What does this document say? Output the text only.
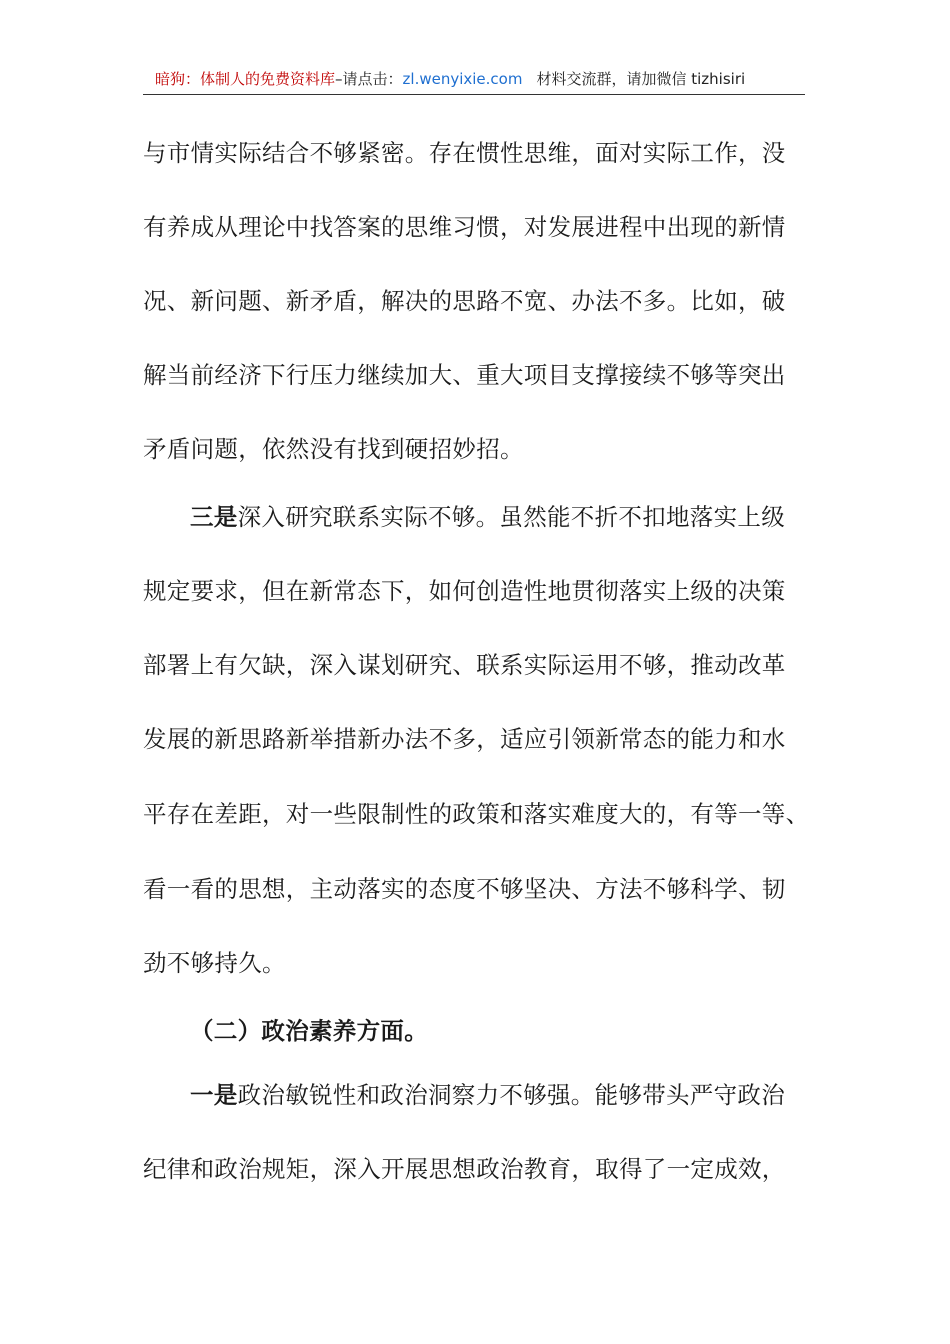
暗狗：体制人的免费资料库–请点击：zl.wenyixie.com 材料交流群，请加微信 tizhisiri
与市情实际结合不够紧密。存在惯性思维，面对实际工作，没
有养成从理论中找答案的思维习惯，对发展进程中出现的新情
况、新问题、新矛盾，解决的思路不宽、办法不多。比如，破
解当前经济下行压力继续加大、重大项目支撑接续不够等突出
矛盾问题，依然没有找到硬招妙招。
三是深入研究联系实际不够。虽然能不折不扣地落实上级
规定要求，但在新常态下，如何创造性地贯彻落实上级的决策
部署上有欠缺，深入谋划研究、联系实际运用不够，推动改革
发展的新思路新举措新办法不多，适应引领新常态的能力和水
平存在差距，对一些限制性的政策和落实难度大的，有等一等、
看一看的思想，主动落实的态度不够坚决、方法不够科学、韧
劲不够持久。
（二）政治素养方面。
一是政治敏锐性和政治洞察力不够强。能够带头严守政治
纪律和政治规矩，深入开展思想政治教育，取得了一定成效，
